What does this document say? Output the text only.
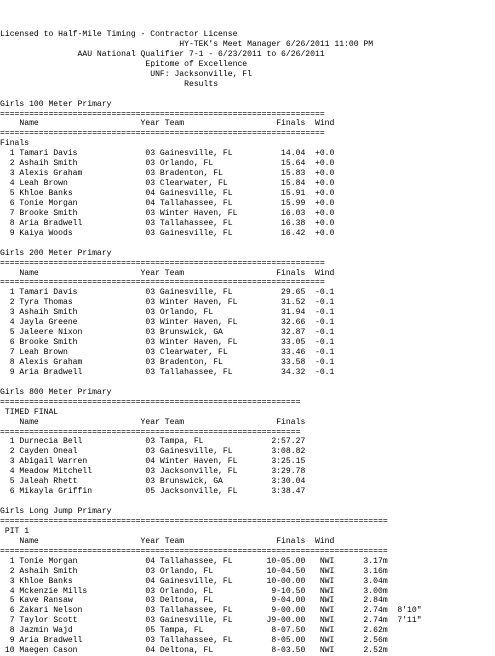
Licensed to Half-Mile Timing - Contractor License
HY-TEK's Meet Manager 6/26/2011 11:00 PM
AAU National Qualifier 7-1 - 6/23/2011 to 6/26/2011
Epitome of Excellence
UNF: Jacksonville, Fl
Results

Girls 100 Meter Primary
===================================================================
Name                     Year Team                   Finals  Wind
===================================================================
Finals
1 Tamari Davis              03 Gainesville, FL          14.04  +0.0
2 Ashaih Smith              03 Orlando, FL              15.64  +0.0
3 Alexis Graham             03 Bradenton, FL            15.83  +0.0
4 Leah Brown                03 Clearwater, FL           15.84  +0.0
5 Khloe Banks               04 Gainesville, FL          15.91  +0.0
6 Tonie Morgan              04 Tallahassee, FL          15.99  +0.0
7 Brooke Smith              03 Winter Haven, FL         16.03  +0.0
8 Aria Bradwell             03 Tallahassee, FL          16.38  +0.0
9 Kaiya Woods               03 Gainesville, FL          16.42  +0.0

Girls 200 Meter Primary
===================================================================
Name                     Year Team                   Finals  Wind
===================================================================
1 Tamari Davis              03 Gainesville, FL          29.65  -0.1
2 Tyra Thomas               03 Winter Haven, FL         31.52  -0.1
3 Ashaih Smith              03 Orlando, FL              31.94  -0.1
4 Jayla Greene              03 Winter Haven, FL         32.66  -0.1
5 Jaleere Nixon             03 Brunswick, GA            32.87  -0.1
6 Brooke Smith              03 Winter Haven, FL         33.05  -0.1
7 Leah Brown                03 Clearwater, FL           33.46  -0.1
8 Alexis Graham             03 Bradenton, FL            33.58  -0.1
9 Aria Bradwell             03 Tallahassee, FL          34.32  -0.1

Girls 800 Meter Primary
==============================================================
TIMED FINAL
Name                     Year Team                   Finals
==============================================================
1 Durnecia Bell             03 Tampa, FL              2:57.27
2 Cayden Oneal              03 Gainesville, FL        3:08.82
3 Abigail Warren            04 Winter Haven, FL       3:25.15
4 Meadow Mitchell           03 Jacksonville, FL       3:29.78
5 Jaleah Rhett              03 Brunswick, GA          3:30.04
6 Mikayla Griffin           05 Jacksonville, FL       3:38.47

Girls Long Jump Primary
================================================================================
PIT 1
Name                     Year Team                   Finals  Wind
================================================================================
1 Tonie Morgan              04 Tallahassee, FL       10-05.00   NWI      3.17m
2 Ashaih Smith              03 Orlando, FL           10-04.50   NWI      3.16m
3 Khloe Banks               04 Gainesville, FL       10-00.00   NWI      3.04m
4 Mckenzie Mills            03 Orlando, FL            9-10.50   NWI      3.00m
5 Kave Ransaw               03 Deltona, FL            9-04.00   NWI      2.84m
6 Zakari Nelson             03 Tallahassee, FL        9-00.00   NWI      2.74m  8'10"
7 Taylor Scott              03 Gainesville, FL       J9-00.00   NWI      2.74m  7'11"
8 Jazmin Wajd               05 Tampa, FL              8-07.50   NWI      2.62m
9 Aria Bradwell             03 Tallahassee, FL        8-05.00   NWI      2.56m
10 Maegen Cason              04 Deltona, FL            8-03.50   NWI      2.52m
